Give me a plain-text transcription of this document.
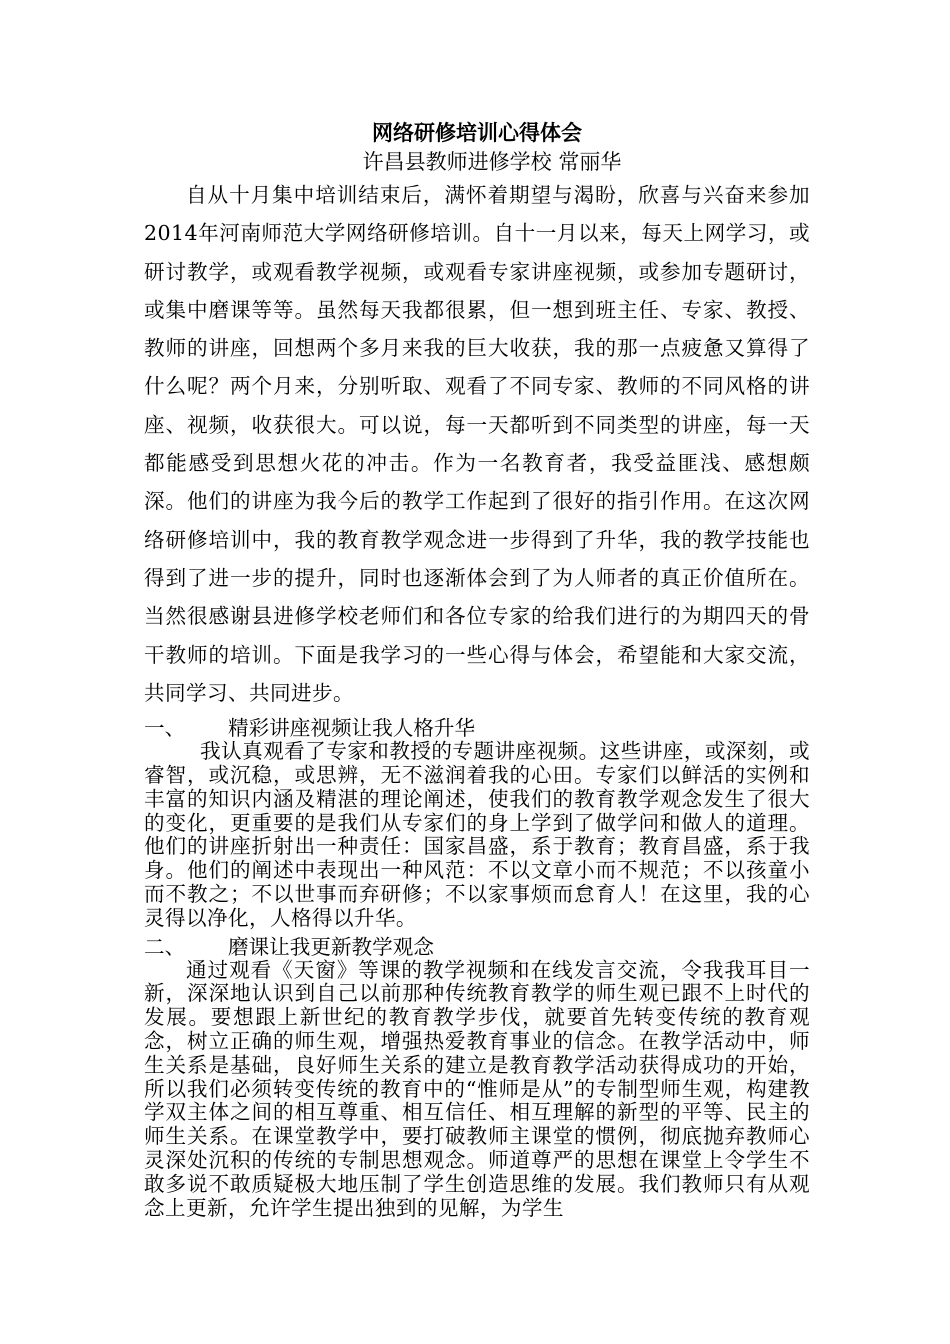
网络研修培训心得体会

许昌县教师进修学校 常丽华

自从十月集中培训结束后，满怀着期望与渴盼，欣喜与兴奋来参加2014年河南师范大学网络研修培训。自十一月以来，每天上网学习，或研讨教学，或观看教学视频，或观看专家讲座视频，或参加专题研讨，或集中磨课等等。虽然每天我都很累，但一想到班主任、专家、教授、教师的讲座，回想两个多月来我的巨大收获，我的那一点疲惫又算得了什么呢？两个月来，分别听取、观看了不同专家、教师的不同风格的讲座、视频，收获很大。可以说，每一天都听到不同类型的讲座，每一天都能感受到思想火花的冲击。作为一名教育者，我受益匪浅、感想颇深。他们的讲座为我今后的教学工作起到了很好的指引作用。在这次网络研修培训中，我的教育教学观念进一步得到了升华，我的教学技能也得到了进一步的提升，同时也逐渐体会到了为人师者的真正价值所在。当然很感谢县进修学校老师们和各位专家的给我们进行的为期四天的骨干教师的培训。下面是我学习的一些心得与体会，希望能和大家交流，共同学习、共同进步。

一、 精彩讲座视频让我人格升华

我认真观看了专家和教授的专题讲座视频。这些讲座，或深刻，或睿智，或沉稳，或思辨，无不滋润着我的心田。专家们以鲜活的实例和丰富的知识内涵及精湛的理论阐述，使我们的教育教学观念发生了很大的变化，更重要的是我们从专家们的身上学到了做学问和做人的道理。他们的讲座折射出一种责任：国家昌盛，系于教育；教育昌盛，系于我身。他们的阐述中表现出一种风范：不以文章小而不规范；不以孩童小而不教之；不以世事而弃研修；不以家事烦而怠育人！在这里，我的心灵得以净化，人格得以升华。

二、 磨课让我更新教学观念

通过观看《天窗》等课的教学视频和在线发言交流，令我我耳目一新，深深地认识到自己以前那种传统教育教学的师生观已跟不上时代的发展。要想跟上新世纪的教育教学步伐，就要首先转变传统的教育观念，树立正确的师生观，增强热爱教育事业的信念。在教学活动中，师生关系是基础，良好师生关系的建立是教育教学活动获得成功的开始，所以我们必须转变传统的教育中的“惟师是从”的专制型师生观，构建教学双主体之间的相互尊重、相互信任、相互理解的新型的平等、民主的师生关系。在课堂教学中，要打破教师主课堂的惯例，彻底抛弃教师心灵深处沉积的传统的专制思想观念。师道尊严的思想在课堂上令学生不敢多说不敢质疑极大地压制了学生创造思维的发展。我们教师只有从观念上更新，允许学生提出独到的见解，为学生
